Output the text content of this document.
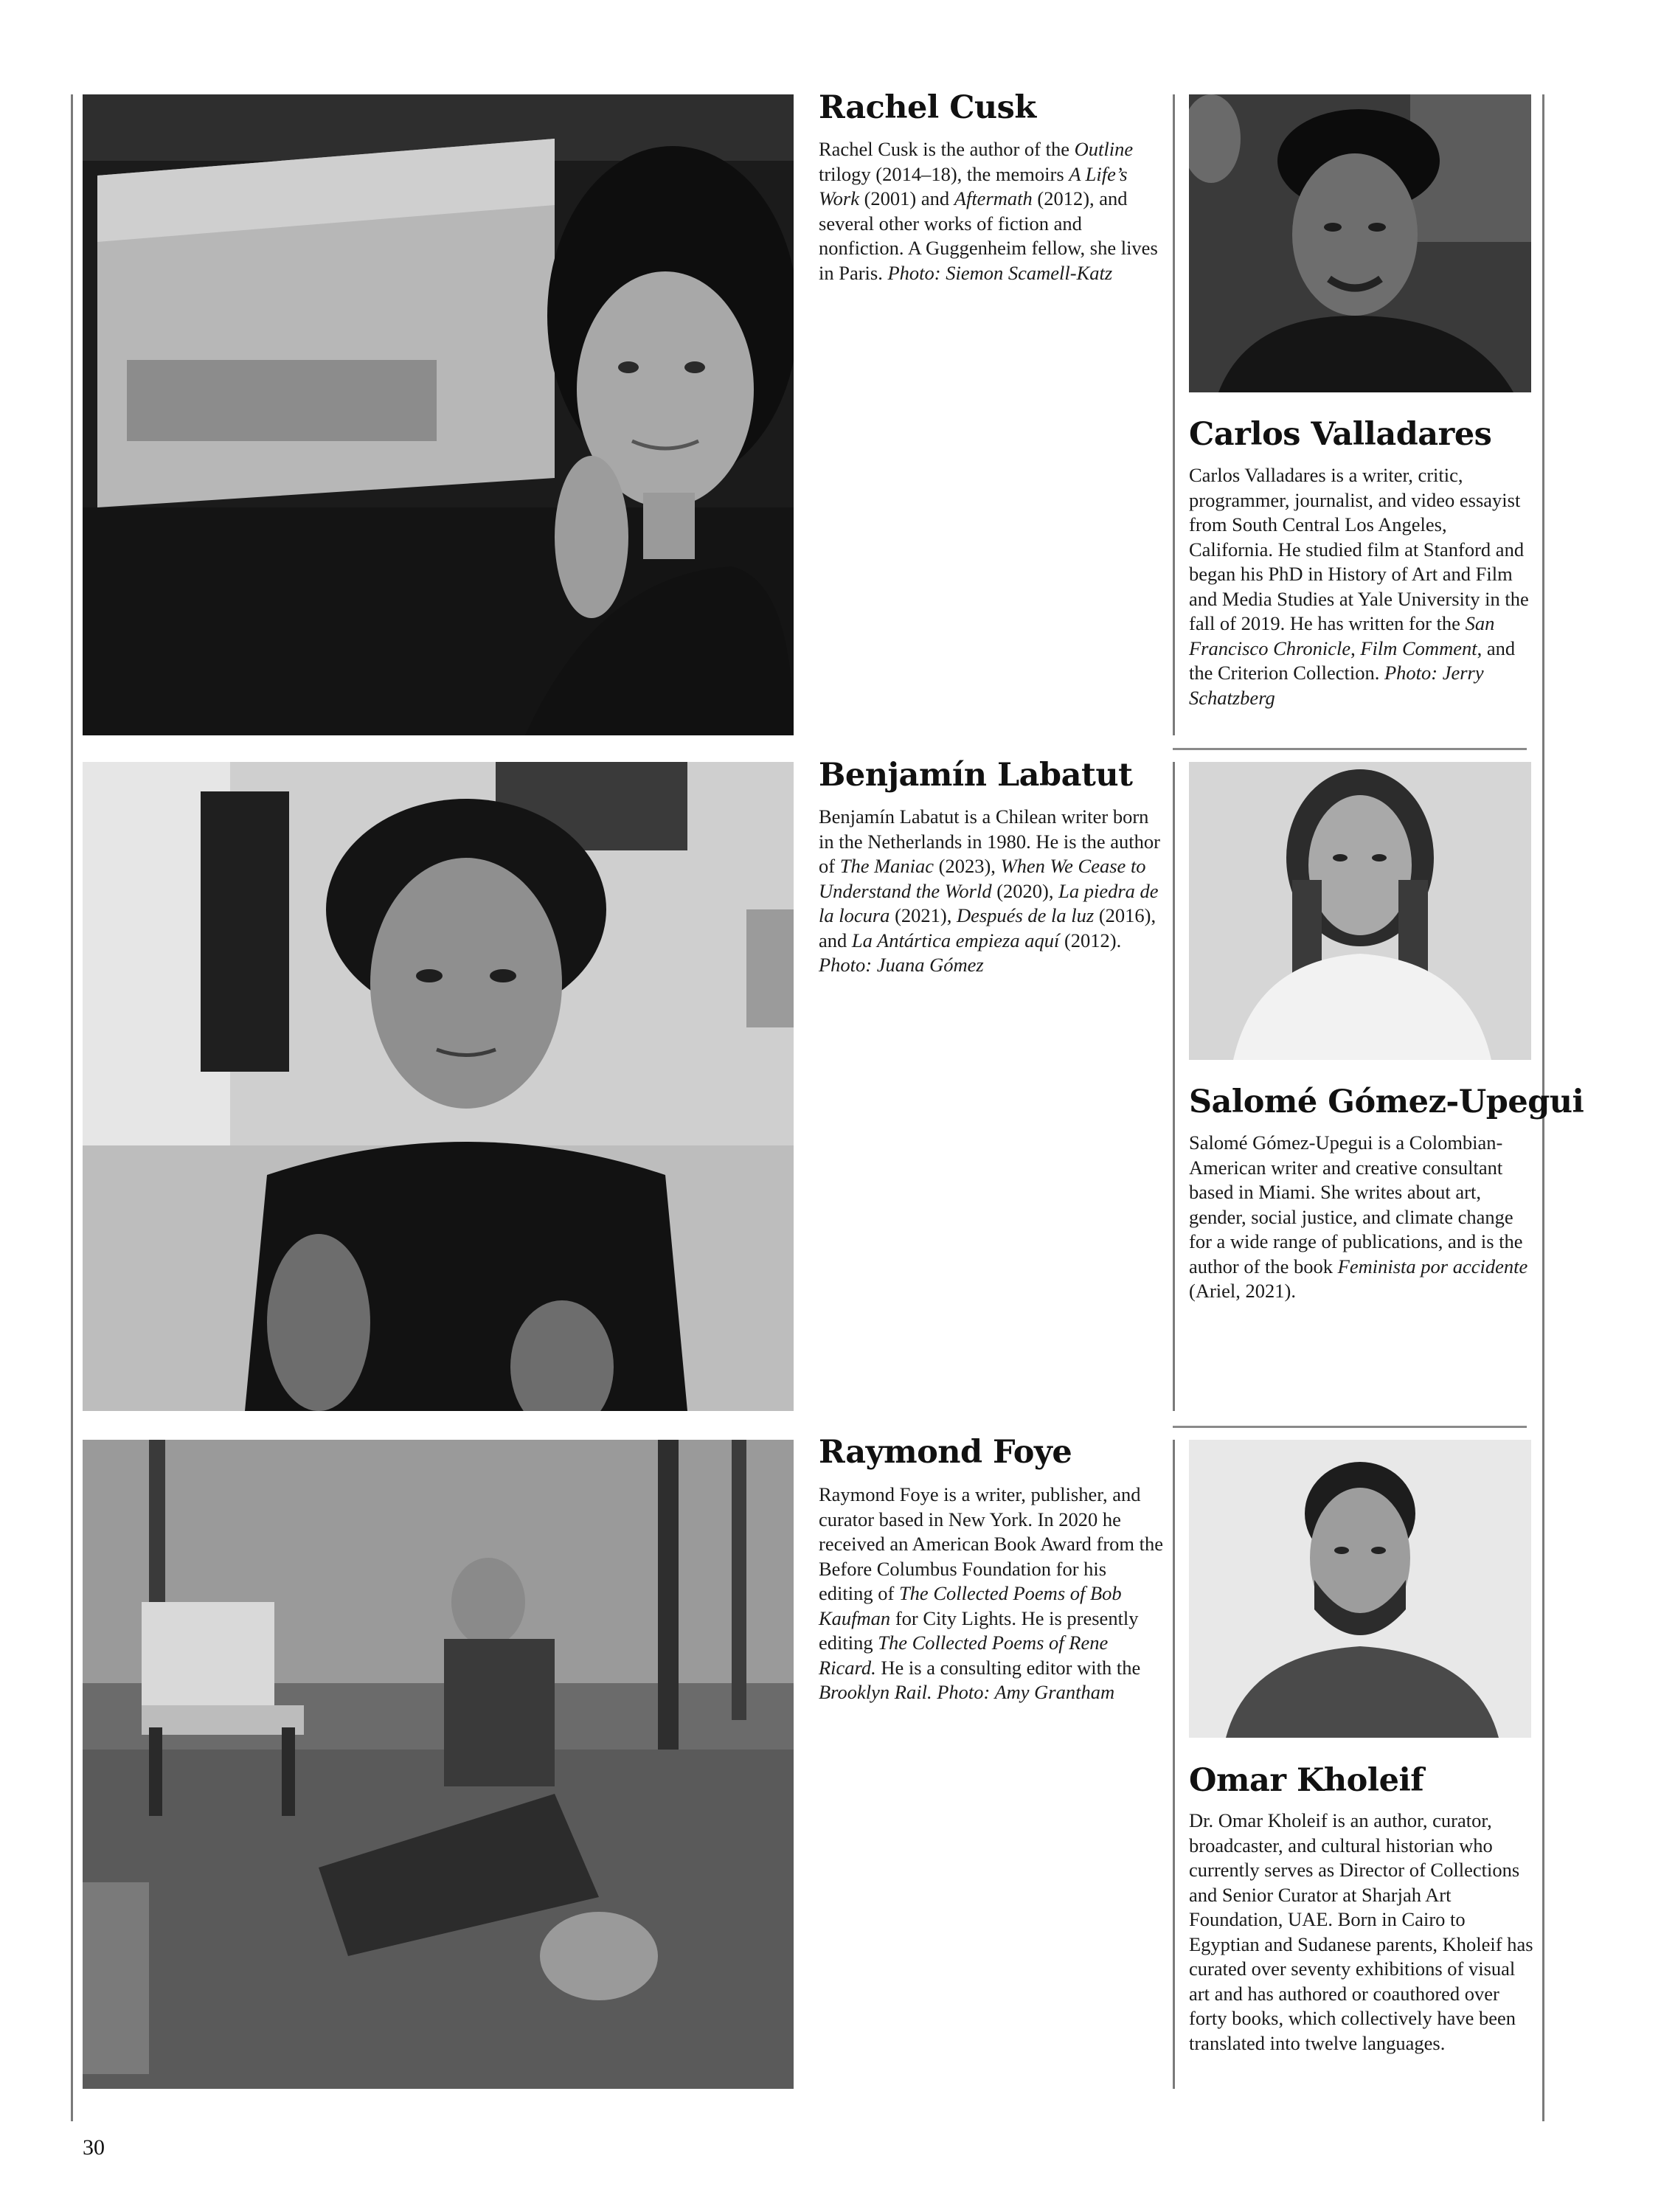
Rachel Cusk

Rachel Cusk is the author of the Outline trilogy (2014–18), the memoirs A Life’s Work (2001) and Aftermath (2012), and several other works of fiction and nonfiction. A Guggenheim fellow, she lives in Paris. Photo: Siemon Scamell-Katz

Carlos Valladares

Carlos Valladares is a writer, critic, programmer, journalist, and video essayist from South Central Los Angeles, California. He studied film at Stanford and began his PhD in History of Art and Film and Media Studies at Yale University in the fall of 2019. He has written for the San Francisco Chronicle, Film Comment, and the Criterion Collection. Photo: Jerry Schatzberg

Benjamín Labatut

Benjamín Labatut is a Chilean writer born in the Netherlands in 1980. He is the author of The Maniac (2023), When We Cease to Understand the World (2020), La piedra de la locura (2021), Después de la luz (2016), and La Antártica empieza aquí (2012). Photo: Juana Gómez

Salomé Gómez-Upegui

Salomé Gómez-Upegui is a Colombian-American writer and creative consultant based in Miami. She writes about art, gender, social justice, and climate change for a wide range of publications, and is the author of the book Feminista por accidente (Ariel, 2021).

Raymond Foye

Raymond Foye is a writer, publisher, and curator based in New York. In 2020 he received an American Book Award from the Before Columbus Foundation for his editing of The Collected Poems of Bob Kaufman for City Lights. He is presently editing The Collected Poems of Rene Ricard. He is a consulting editor with the Brooklyn Rail. Photo: Amy Grantham

Omar Kholeif

Dr. Omar Kholeif is an author, curator, broadcaster, and cultural historian who currently serves as Director of Collections and Senior Curator at Sharjah Art Foundation, UAE. Born in Cairo to Egyptian and Sudanese parents, Kholeif has curated over seventy exhibitions of visual art and has authored or coauthored over forty books, which collectively have been translated into twelve languages.

30
